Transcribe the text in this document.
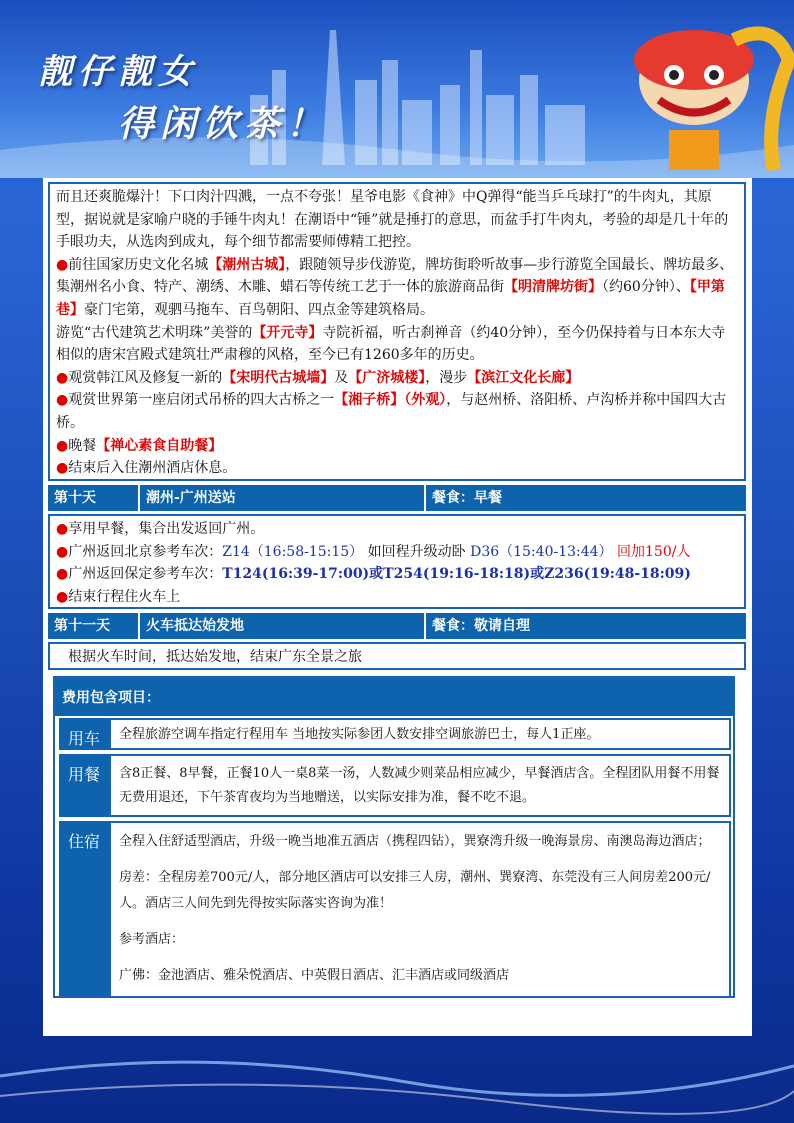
靓仔靓女
得闲饮茶！
而且还爽脆爆汁！下口肉汁四溅，一点不夸张！星爷电影《食神》中Q弹得“能当乒乓球打”的牛肉丸，其原型，据说就是家喻户晓的手锤牛肉丸！在潮语中“锤”就是捶打的意思，而盆手打牛肉丸，考验的却是几十年的手眼功夫，从选肉到成丸，每个细节都需要师傅精工把控。
●前往国家历史文化名城【潮州古城】，跟随领导步伐游览，牌坊街聆听故事—步行游览全国最长、牌坊最多、集潮州名小食、特产、潮绣、木雕、蜡石等传统工艺于一体的旅游商品街【明清牌坊街】（约60分钟）、【甲第巷】豪门宅第，观驷马拖车、百鸟朝阳、四点金等建筑格局。
游览“古代建筑艺术明珠”美誉的【开元寺】寺院祈福，听古刹禅音（约40分钟），至今仍保持着与日本东大寺相似的唐宋宫殿式建筑壮严肃穆的风格，至今已有1260多年的历史。
●观赏韩江风及修复一新的【宋明代古城墙】及【广济城楼】，漫步【滨江文化长廊】
●观赏世界第一座启闭式吊桥的四大古桥之一【湘子桥】（外观），与赵州桥、洛阳桥、卢沟桥并称中国四大古桥。
●晚餐【禅心素食自助餐】
●结束后入住潮州酒店休息。
第十天	潮州-广州送站	餐食：早餐
●享用早餐，集合出发返回广州。
●广州返回北京参考车次：Z14（16:58-15:15） 如回程升级动卧 D36（15:40-13:44） 回加150/人
●广州返回保定参考车次：T124(16:39-17:00)或T254(19:16-18:18)或Z236(19:48-18:09)
●结束行程住火车上
第十一天	火车抵达始发地	餐食：敬请自理
根据火车时间，抵达始发地，结束广东全景之旅
费用包含项目：
用车	全程旅游空调车指定行程用车 当地按实际参团人数安排空调旅游巴士，每人1正座。
用餐	含8正餐、8早餐，正餐10人一桌8菜一汤，人数减少则菜品相应减少，早餐酒店含。全程团队用餐不用餐无费用退还，下午茶宵夜均为当地赠送，以实际安排为准，餐不吃不退。
住宿	全程入住舒适型酒店，升级一晚当地准五酒店（携程四钻），巽寮湾升级一晚海景房、南澳岛海边酒店；

房差：全程房差700元/人，部分地区酒店可以安排三人房，潮州、巽寮湾、东莞没有三人间房差200元/人。酒店三人间先到先得按实际落实咨询为准！

参考酒店：

广佛：金池酒店、雅朵悦酒店、中英假日酒店、汇丰酒店或同级酒店
